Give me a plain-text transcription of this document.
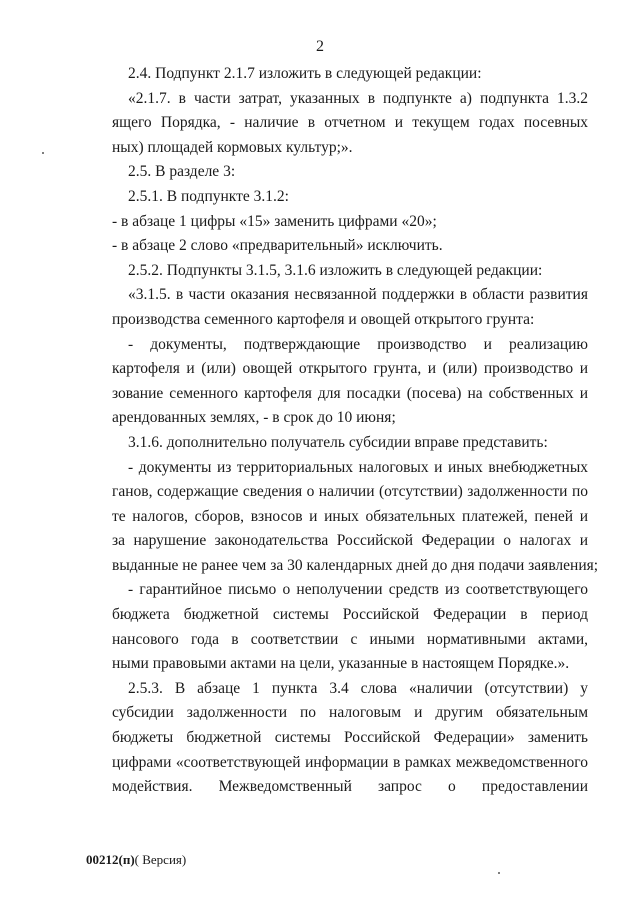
2
2.4. Подпункт 2.1.7 изложить в следующей редакции:
«2.1.7. в части затрат, указанных в подпункте а) подпункта 1.3.2
ящего Порядка, - наличие в отчетном и текущем годах посевных
ных) площадей кормовых культур;».
2.5. В разделе 3:
2.5.1. В подпункте 3.1.2:
- в абзаце 1 цифры «15» заменить цифрами «20»;
- в абзаце 2 слово «предварительный» исключить.
2.5.2. Подпункты 3.1.5, 3.1.6 изложить в следующей редакции:
«3.1.5. в части оказания несвязанной поддержки в области развития
производства семенного картофеля и овощей открытого грунта:
- документы, подтверждающие производство и реализацию
картофеля и (или) овощей открытого грунта, и (или) производство и
зование семенного картофеля для посадки (посева) на собственных и
арендованных землях, - в срок до 10 июня;
3.1.6. дополнительно получатель субсидии вправе представить:
- документы из территориальных налоговых и иных внебюджетных
ганов, содержащие сведения о наличии (отсутствии) задолженности по
те налогов, сборов, взносов и иных обязательных платежей, пеней и
за нарушение законодательства Российской Федерации о налогах и
выданные не ранее чем за 30 календарных дней до дня подачи заявления;
- гарантийное письмо о неполучении средств из соответствующего
бюджета бюджетной системы Российской Федерации в период
нансового года в соответствии с иными нормативными актами,
ными правовыми актами на цели, указанные в настоящем Порядке.».
2.5.3. В абзаце 1 пункта 3.4 слова «наличии (отсутствии) у
субсидии задолженности по налоговым и другим обязательным
бюджеты бюджетной системы Российской Федерации» заменить
цифрами «соответствующей информации в рамках межведомственного
модействия. Межведомственный запрос о предоставлении
00212(п)( Версия)
